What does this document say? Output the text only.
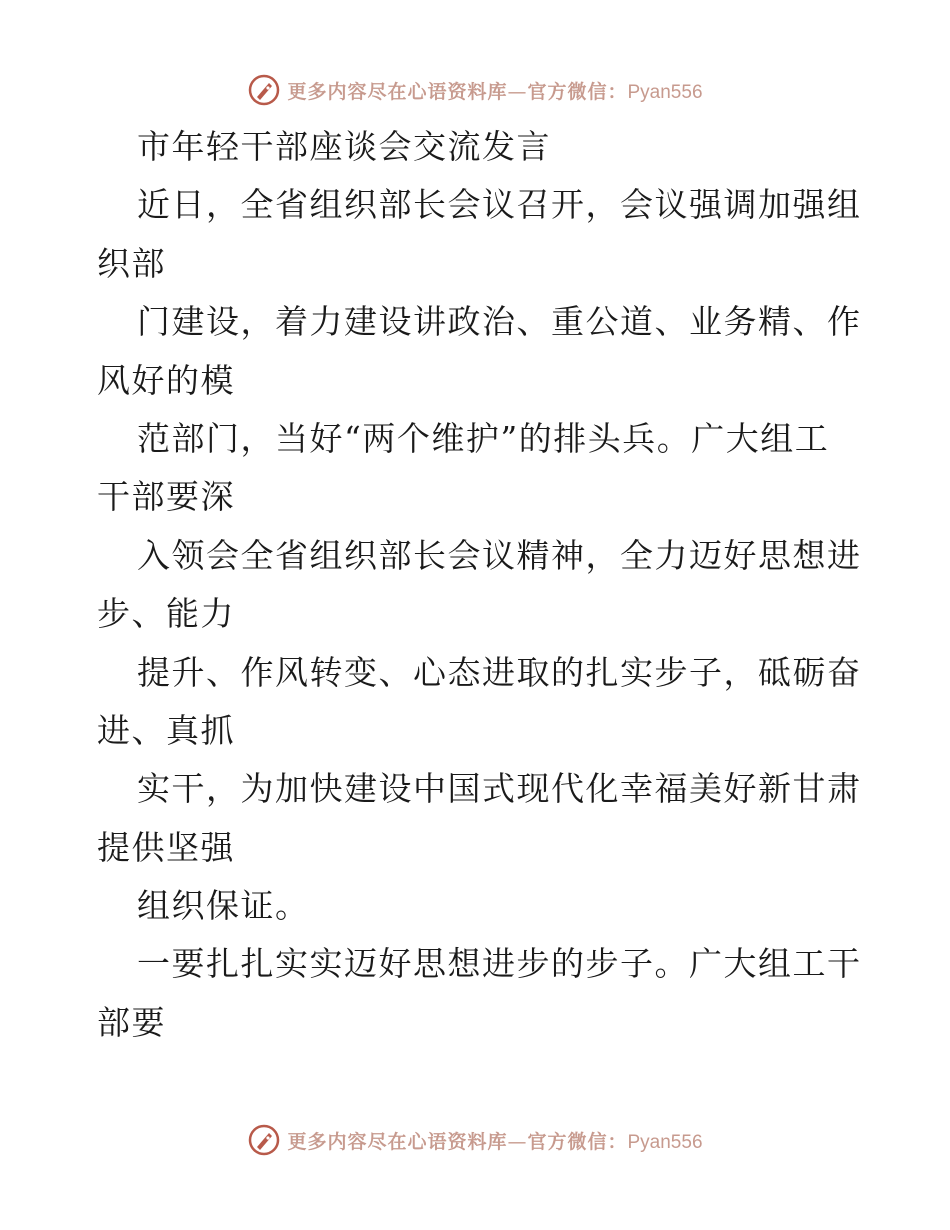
更多内容尽在心语资料库—官方微信：Pyan556
市年轻干部座谈会交流发言
近日，全省组织部长会议召开，会议强调加强组
织部
门建设，着力建设讲政治、重公道、业务精、作
风好的模
范部门，当好“两个维护”的排头兵。广大组工
干部要深
入领会全省组织部长会议精神，全力迈好思想进
步、能力
提升、作风转变、心态进取的扎实步子，砥砺奋
进、真抓
实干，为加快建设中国式现代化幸福美好新甘肃
提供坚强
组织保证。
一要扎扎实实迈好思想进步的步子。广大组工干
部要
更多内容尽在心语资料库—官方微信：Pyan556
